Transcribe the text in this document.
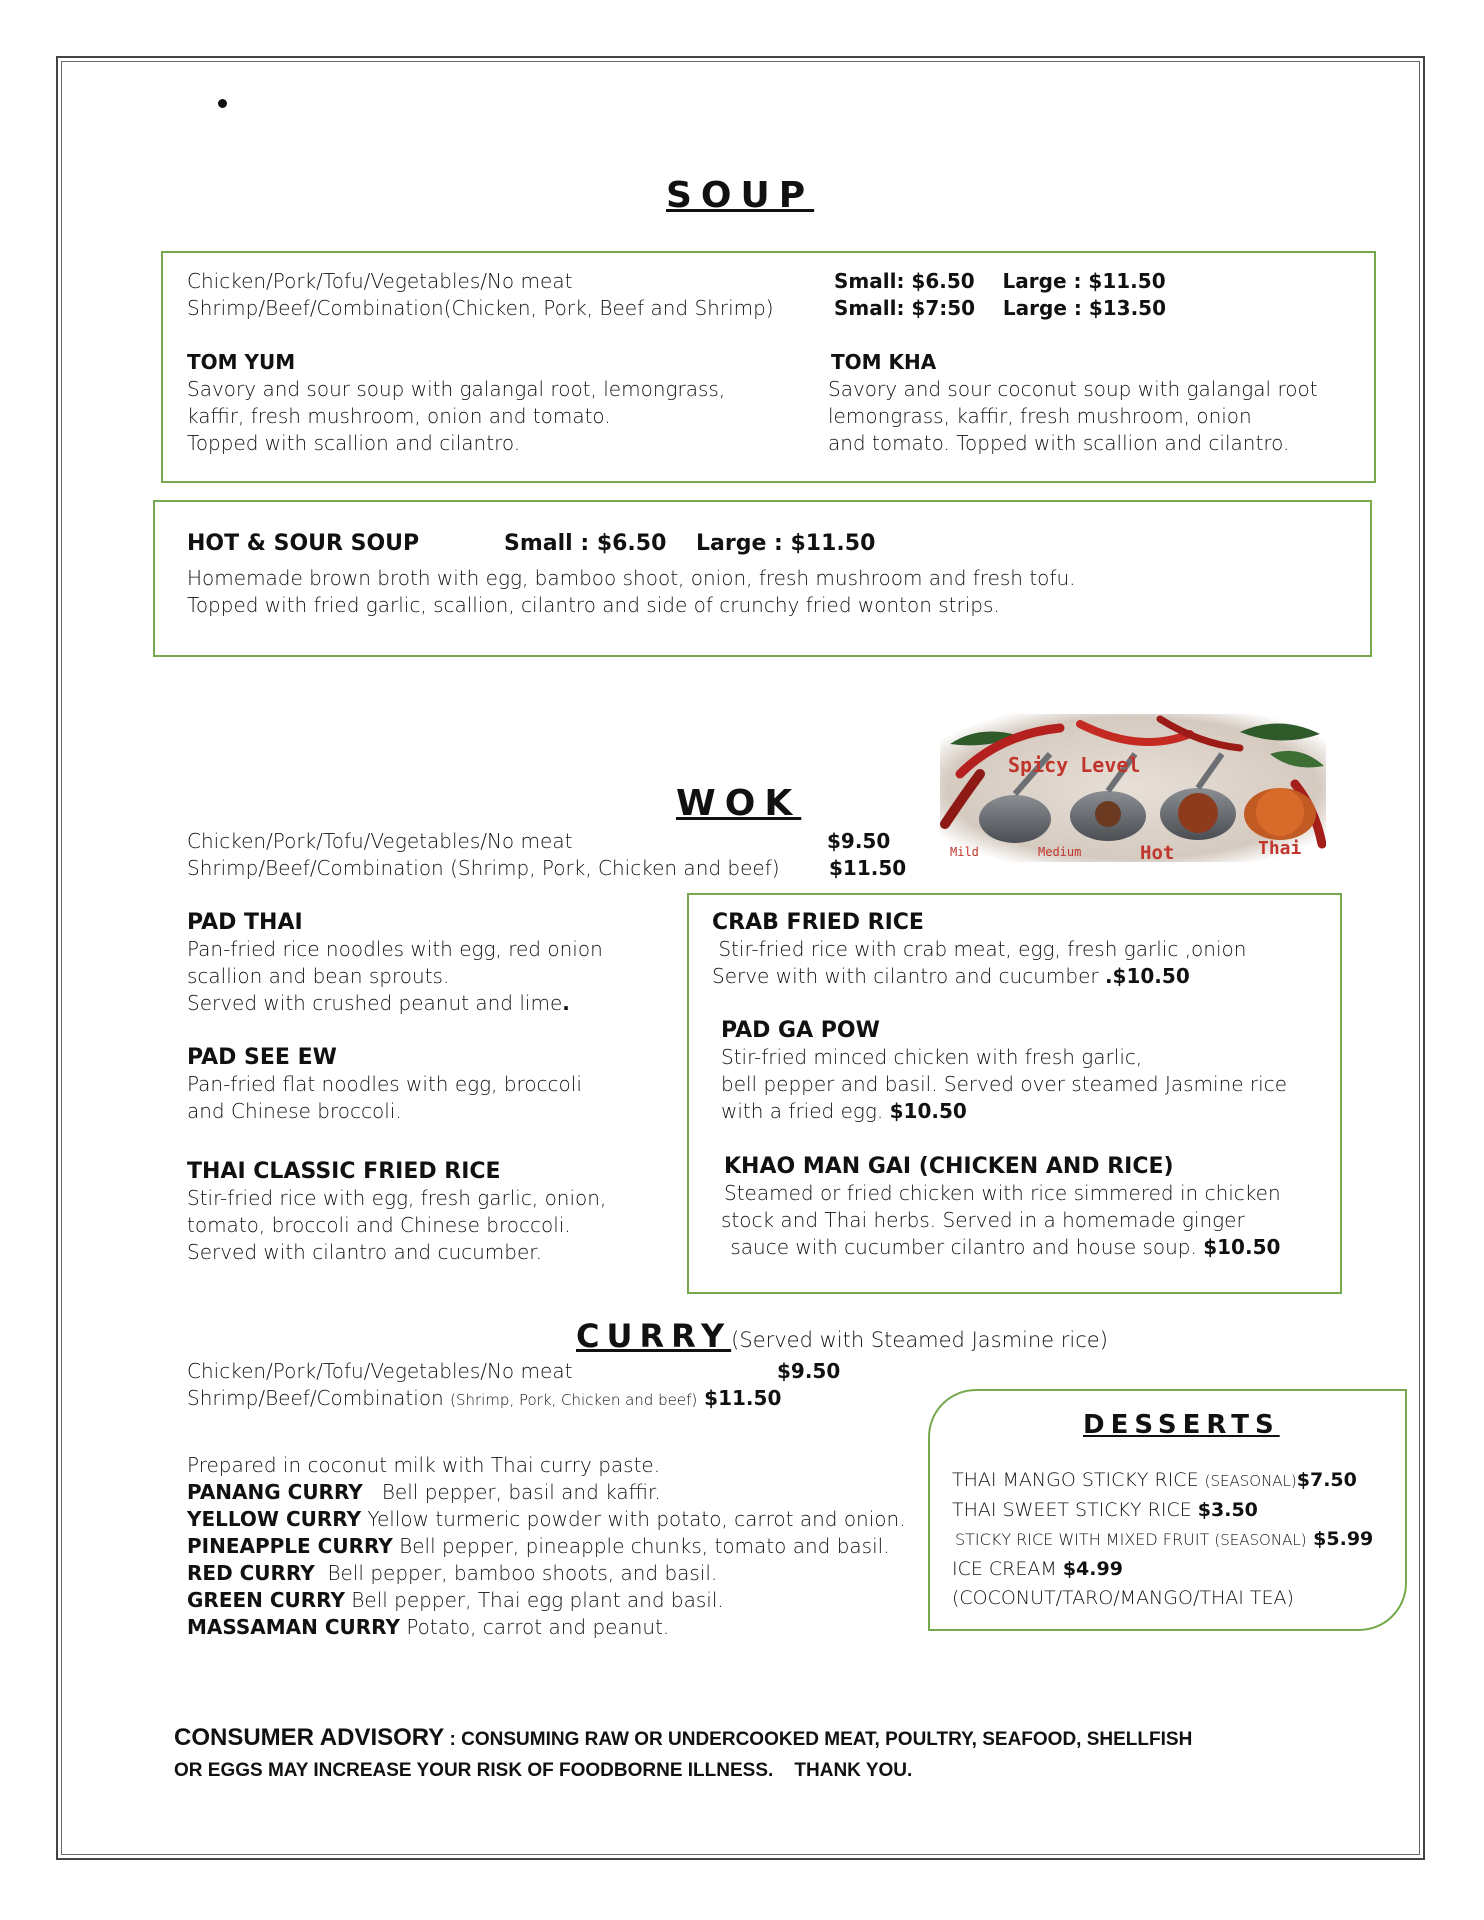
SOUP
Chicken/Pork/Tofu/Vegetables/No meat	Small: $6.50    Large : $11.50
Shrimp/Beef/Combination(Chicken, Pork, Beef and Shrimp)	Small: $7:50    Large : $13.50
TOM YUM
Savory and sour soup with galangal root, lemongrass,
kaffir, fresh mushroom, onion and tomato.
Topped with scallion and cilantro.
TOM KHA
Savory and sour coconut soup with galangal root
lemongrass, kaffir, fresh mushroom, onion
and tomato. Topped with scallion and cilantro.
HOT & SOUR SOUP	Small : $6.50 Large : $11.50
Homemade brown broth with egg, bamboo shoot, onion, fresh mushroom and fresh tofu.
Topped with fried garlic, scallion, cilantro and side of crunchy fried wonton strips.
Spicy Level
Mild	Medium	Hot	Thai
WOK
Chicken/Pork/Tofu/Vegetables/No meat	$9.50
Shrimp/Beef/Combination (Shrimp, Pork, Chicken and beef) $11.50
PAD THAI
Pan-fried rice noodles with egg, red onion
scallion and bean sprouts.
Served with crushed peanut and lime.
PAD SEE EW
Pan-fried flat noodles with egg, broccoli
and Chinese broccoli.
THAI CLASSIC FRIED RICE
Stir-fried rice with egg, fresh garlic, onion,
tomato, broccoli and Chinese broccoli.
Served with cilantro and cucumber.
CRAB FRIED RICE
Stir-fried rice with crab meat, egg, fresh garlic ,onion
Serve with with cilantro and cucumber .$10.50
PAD GA POW
Stir-fried minced chicken with fresh garlic,
bell pepper and basil. Served over steamed Jasmine rice
with a fried egg. $10.50
KHAO MAN GAI (CHICKEN AND RICE)
Steamed or fried chicken with rice simmered in chicken
stock and Thai herbs. Served in a homemade ginger
sauce with cucumber cilantro and house soup. $10.50
CURRY(Served with Steamed Jasmine rice)
Chicken/Pork/Tofu/Vegetables/No meat	$9.50
Shrimp/Beef/Combination (Shrimp, Pork, Chicken and beef) $11.50
Prepared in coconut milk with Thai curry paste.
PANANG CURRY   Bell pepper, basil and kaffir.
YELLOW CURRY Yellow turmeric powder with potato, carrot and onion.
PINEAPPLE CURRY Bell pepper, pineapple chunks, tomato and basil.
RED CURRY  Bell pepper, bamboo shoots, and basil.
GREEN CURRY Bell pepper, Thai egg plant and basil.
MASSAMAN CURRY Potato, carrot and peanut.
DESSERTS
THAI MANGO STICKY RICE (SEASONAL)$7.50
THAI SWEET STICKY RICE $3.50
STICKY RICE WITH MIXED FRUIT (SEASONAL) $5.99
ICE CREAM $4.99
(COCONUT/TARO/MANGO/THAI TEA)
CONSUMER ADVISORY : CONSUMING RAW OR UNDERCOOKED MEAT, POULTRY, SEAFOOD, SHELLFISH
OR EGGS MAY INCREASE YOUR RISK OF FOODBORNE ILLNESS.    THANK YOU.
